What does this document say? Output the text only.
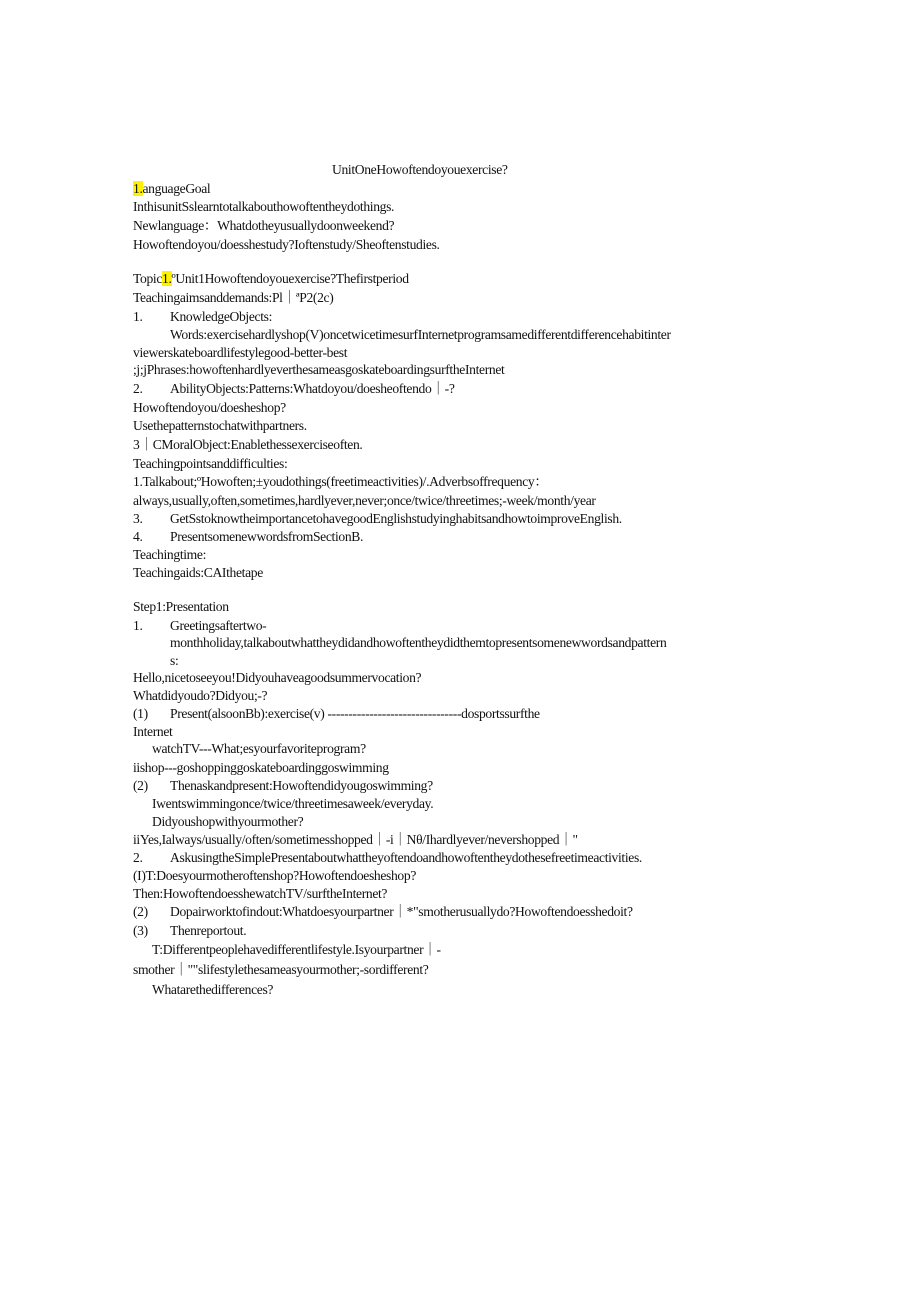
UnitOneHowoftendoyouexercise?
1.anguageGoal
InthisunitSslearntotalkabouthowoftentheydothings.
Newlanguage：Whatdotheyusuallydoonweekend?
Howoftendoyou/doesshestudy?Ioftenstudy/Sheoftenstudies.
Topic1.ºUnit1Howoftendoyouexercise?Thefirstperiod
Teachingaimsanddemands:Pl｜ªP2(2c)
1. KnowledgeObjects:
Words:exercisehardlyshop(V)oncetwicetimesurfInternetprogramsamedifferentdifferencehabitinter
viewerskateboardlifestylegood-better-best
;j;jPhrases:howoftenhardlyeverthesameasgoskateboardingsurftheInternet
2. AbilityObjects:Patterns:Whatdoyou/doesheoftendo｜-?
Howoftendoyou/doesheshop?
Usethepatternstochatwithpartners.
3｜CMoralObject:Enablethessexerciseoften.
Teachingpointsanddifficulties:
1.Talkabout;ºHowoften;±youdothings(freetimeactivities)/.Adverbsoffrequency：
always,usually,often,sometimes,hardlyever,never;once/twice/threetimes;-week/month/year
3. GetSstoknowtheimportancetohavegoodEnglishstudyinghabitsandhowtoimproveEnglish.
4. PresentsomenewwordsfromSectionB.
Teachingtime:
Teachingaids:CAIthetape
Step1:Presentation
1. Greetingsaftertwo-
monthholiday,talkaboutwhattheydidandhowoftentheydidthemtopresentsomenewwordsandpattern
s:
Hello,nicetoseeyou!Didyouhaveagoodsummervocation?
Whatdidyoudo?Didyou;-?
(1) Present(alsoonBb):exercise(v) --------------------------------dosportssurfthe
Internet
watchTV---What;esyourfavoriteprogram?
iishop---goshoppinggoskateboardinggoswimming
(2) Thenaskandpresent:Howoftendidyougoswimming?
Iwentswimmingonce/twice/threetimesaweek/everyday.
Didyoushopwithyourmother?
iiYes,Ialways/usually/often/sometimesshopped｜-i｜Nθ/Ihardlyever/nevershopped｜"
2. AskusingtheSimplePresentaboutwhattheyoftendoandhowoftentheydothesefreetimeactivities.
(I)T:Doesyourmotheroftenshop?Howoftendoesheshop?
Then:HowoftendoesshewatchTV/surftheInternet?
(2) Dopairworktofindout:Whatdoesyourpartner｜*"smotherusuallydo?Howoftendoesshedoit?
(3) Thenreportout.
T:Differentpeoplehavedifferentlifestyle.Isyourpartner｜-
smother｜""slifestylethesameasyourmother;-sordifferent?
Whatarethedifferences?
